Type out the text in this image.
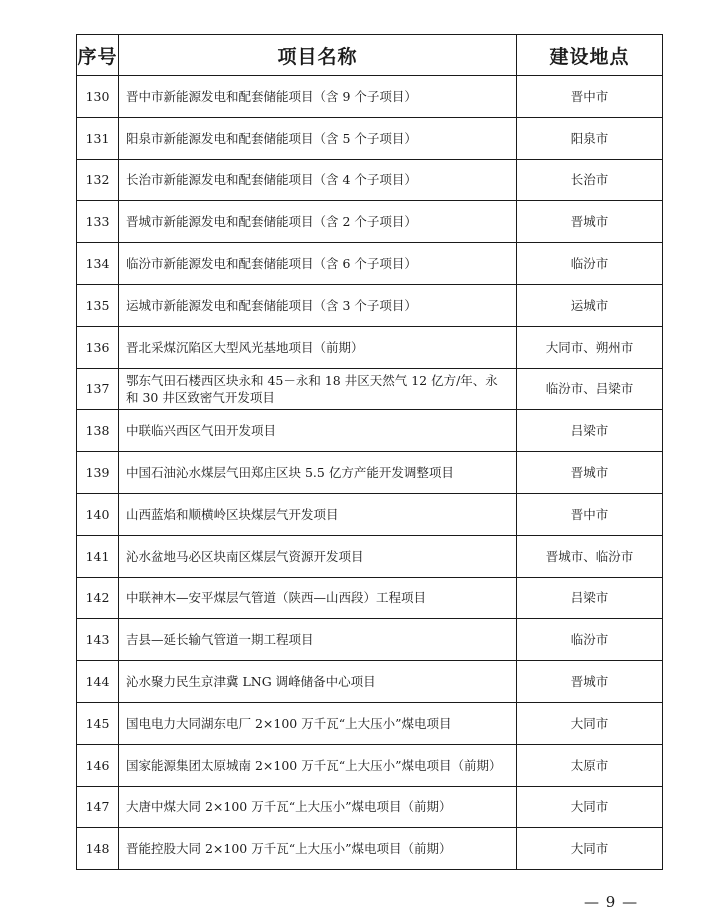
序号	项目名称	建设地点
130	晋中市新能源发电和配套储能项目（含 9 个子项目）	晋中市
131	阳泉市新能源发电和配套储能项目（含 5 个子项目）	阳泉市
132	长治市新能源发电和配套储能项目（含 4 个子项目）	长治市
133	晋城市新能源发电和配套储能项目（含 2 个子项目）	晋城市
134	临汾市新能源发电和配套储能项目（含 6 个子项目）	临汾市
135	运城市新能源发电和配套储能项目（含 3 个子项目）	运城市
136	晋北采煤沉陷区大型风光基地项目（前期）	大同市、朔州市
137	鄂东气田石楼西区块永和 45－永和 18 井区天然气 12 亿方/年、永和 30 井区致密气开发项目	临汾市、吕梁市
138	中联临兴西区气田开发项目	吕梁市
139	中国石油沁水煤层气田郑庄区块 5.5 亿方产能开发调整项目	晋城市
140	山西蓝焰和顺横岭区块煤层气开发项目	晋中市
141	沁水盆地马必区块南区煤层气资源开发项目	晋城市、临汾市
142	中联神木—安平煤层气管道（陕西—山西段）工程项目	吕梁市
143	吉县—延长输气管道一期工程项目	临汾市
144	沁水聚力民生京津冀 LNG 调峰储备中心项目	晋城市
145	国电电力大同湖东电厂 2×100 万千瓦“上大压小”煤电项目	大同市
146	国家能源集团太原城南 2×100 万千瓦“上大压小”煤电项目（前期）	太原市
147	大唐中煤大同 2×100 万千瓦“上大压小”煤电项目（前期）	大同市
148	晋能控股大同 2×100 万千瓦“上大压小”煤电项目（前期）	大同市
— 9 —
